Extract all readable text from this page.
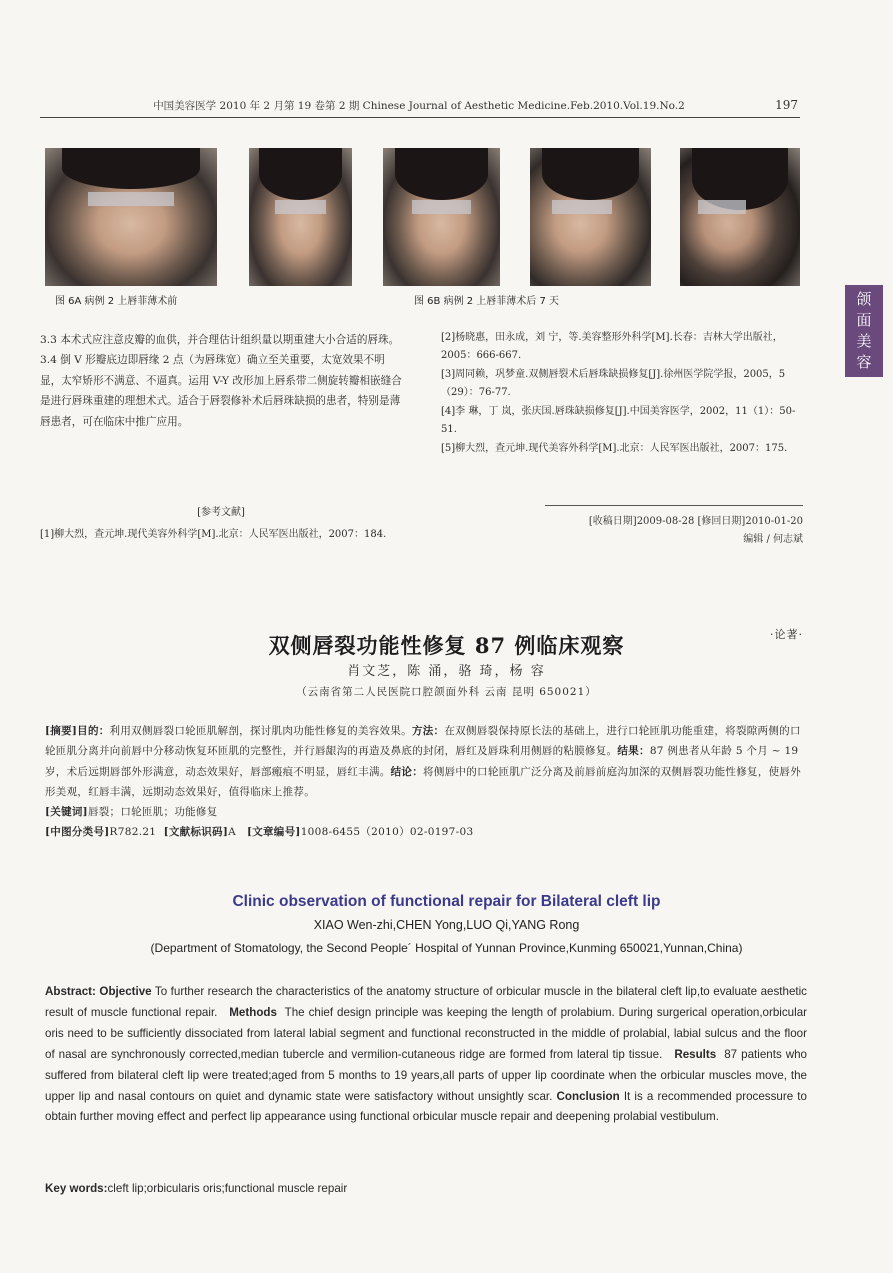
中国美容医学 2010 年 2 月第 19 卷第 2 期 Chinese Journal of Aesthetic Medicine.Feb.2010.Vol.19.No.2	197
图 6A 病例 2 上唇菲薄术前	图 6B 病例 2 上唇菲薄术后 7 天	颌
面
美
容

3.3 本术式应注意皮瓣的血供，并合理估计组织量以期重建大小合适的唇珠。

3.4 倒 V 形瓣底边即唇缘 2 点（为唇珠宽）确立至关重要，太宽效果不明显，太窄矫形不满意、不逼真。运用 V-Y 改形加上唇系带二侧旋转瓣相嵌缝合是进行唇珠重建的理想术式。适合于唇裂修补术后唇珠缺损的患者，特别是薄唇患者，可在临床中推广应用。

[参考文献]

[1]柳大烈，查元坤.现代美容外科学[M].北京：人民军医出版社，2007：184.

[2]杨晓惠，田永成，刘 宁，等.美容整形外科学[M].长春：吉林大学出版社，2005：666-667.

[3]周同赖，巩梦童.双侧唇裂术后唇珠缺损修复[J].徐州医学院学报，2005，5（29）：76-77.

[4]李 琳，丁 岚，张庆国.唇珠缺损修复[J].中国美容医学，2002，11（1）：50-51.

[5]柳大烈，查元坤.现代美容外科学[M].北京：人民军医出版社，2007：175.

[收稿日期]2009-08-28 [修回日期]2010-01-20
编辑 / 何志斌
·论著·
双侧唇裂功能性修复 87 例临床观察
肖文芝，陈 涌，骆 琦，杨 容
（云南省第二人民医院口腔颌面外科 云南 昆明 650021）

[摘要]目的：利用双侧唇裂口轮匝肌解剖，探讨肌肉功能性修复的美容效果。方法：在双侧唇裂保持原长法的基础上，进行口轮匝肌功能重建，将裂隙两侧的口轮匝肌分离并向前唇中分移动恢复环匝肌的完整性，并行唇龈沟的再造及鼻底的封闭，唇红及唇珠利用侧唇的粘膜修复。结果：87 例患者从年龄 5 个月 ~ 19 岁，术后远期唇部外形满意，动态效果好，唇部瘢痕不明显，唇红丰满。结论：将侧唇中的口轮匝肌广泛分离及前唇前庭沟加深的双侧唇裂功能性修复，使唇外形美观，红唇丰满，远期动态效果好，值得临床上推荐。

[关键词]唇裂；口轮匝肌；功能修复

[中图分类号]R782.21 [文献标识码]A [文章编号]1008-6455（2010）02-0197-03

Clinic observation of functional repair for Bilateral cleft lip
XIAO Wen-zhi,CHEN Yong,LUO Qi,YANG Rong
(Department of Stomatology, the Second People´ Hospital of Yunnan Province,Kunming 650021,Yunnan,China)

Abstract: Objective To further research the characteristics of the anatomy structure of orbicular muscle in the bilateral cleft lip,to evaluate aesthetic result of muscle functional repair. Methods The chief design principle was keeping the length of prolabium. During surgerical operation,orbicular oris need to be sufficiently dissociated from lateral labial segment and functional reconstructed in the middle of prolabial, labial sulcus and the floor of nasal are synchronously corrected,median tubercle and vermilion-cutaneous ridge are formed from lateral tip tissue. Results 87 patients who suffered from bilateral cleft lip were treated;aged from 5 months to 19 years,all parts of upper lip coordinate when the orbicular muscles move, the upper lip and nasal contours on quiet and dynamic state were satisfactory without unsightly scar. Conclusion It is a recommended processure to obtain further moving effect and perfect lip appearance using functional orbicular muscle repair and deepening prolabial vestibulum.

Key words:cleft lip;orbicularis oris;functional muscle repair
